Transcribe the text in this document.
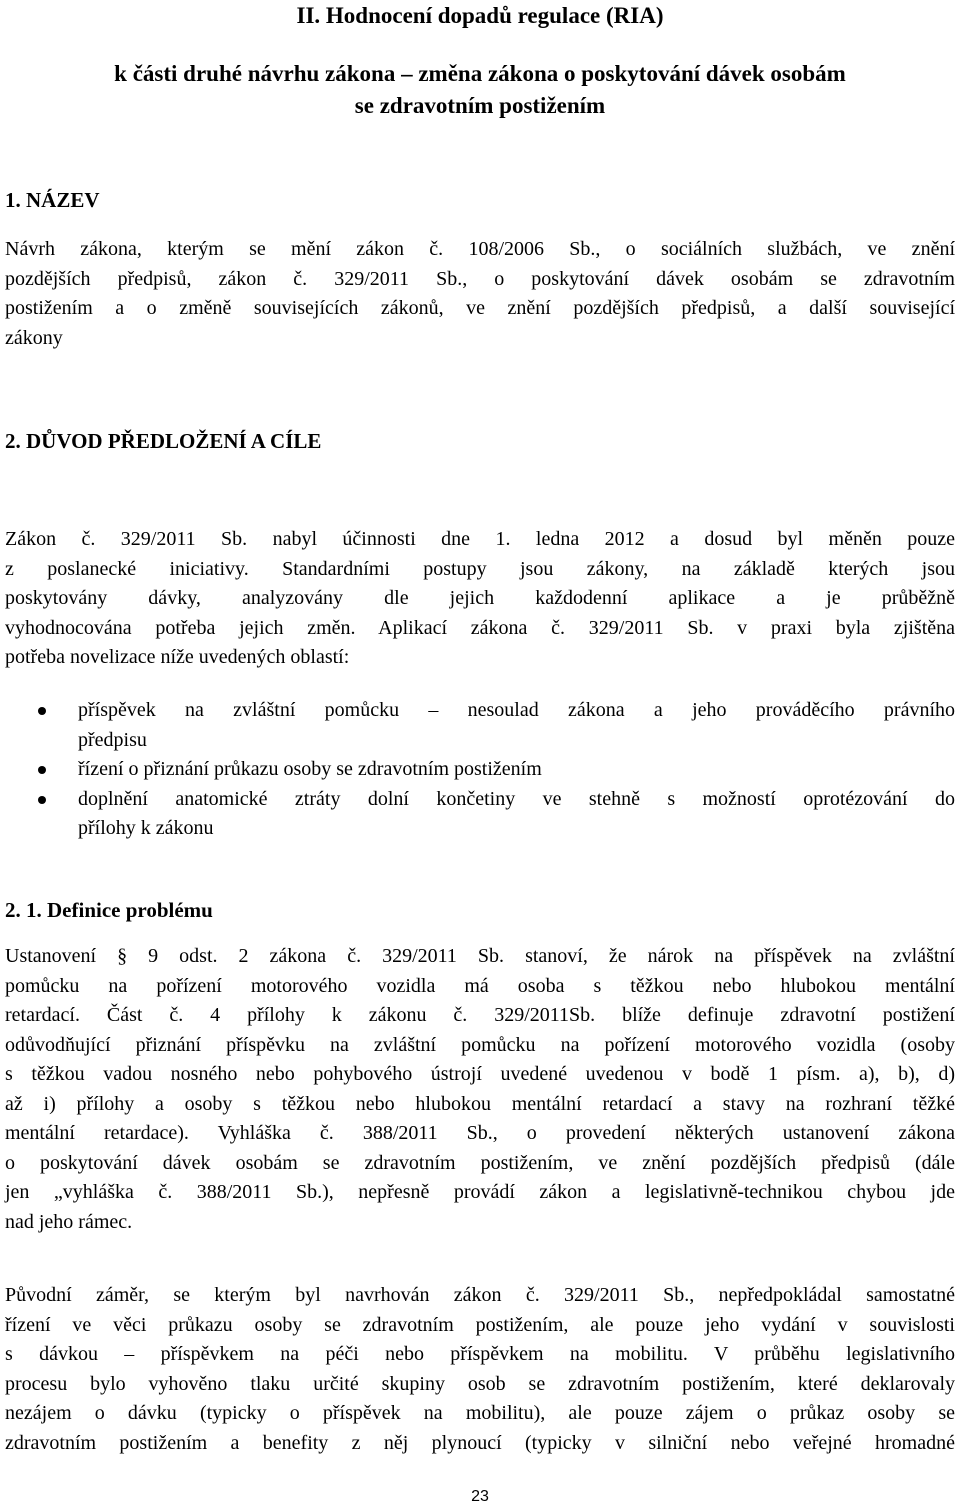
II. Hodnocení dopadů regulace (RIA)
k části druhé návrhu zákona – změna zákona o poskytování dávek osobám
se zdravotním postižením
1. NÁZEV
Návrh zákona, kterým se mění zákon č. 108/2006 Sb., o sociálních službách, ve znění
pozdějších předpisů, zákon č. 329/2011 Sb., o poskytování dávek osobám se zdravotním
postižením a o změně souvisejících zákonů, ve znění pozdějších předpisů, a další související
zákony
2. DŮVOD PŘEDLOŽENÍ A CÍLE
Zákon č. 329/2011 Sb. nabyl účinnosti dne 1. ledna 2012 a dosud byl měněn pouze
z poslanecké iniciativy. Standardními postupy jsou zákony, na základě kterých jsou
poskytovány dávky, analyzovány dle jejich každodenní aplikace a je průběžně
vyhodnocována potřeba jejich změn. Aplikací zákona č. 329/2011 Sb. v praxi byla zjištěna
potřeba novelizace níže uvedených oblastí:
příspěvek na zvláštní pomůcku – nesoulad zákona a jeho prováděcího právního
předpisu
řízení o přiznání průkazu osoby se zdravotním postižením
doplnění anatomické ztráty dolní končetiny ve stehně s možností oprotézování do
přílohy k zákonu
2. 1. Definice problému
Ustanovení § 9 odst. 2 zákona č. 329/2011 Sb. stanoví, že nárok na příspěvek na zvláštní
pomůcku na pořízení motorového vozidla má osoba s těžkou nebo hlubokou mentální
retardací. Část č. 4 přílohy k zákonu č. 329/2011Sb. blíže definuje zdravotní postižení
odůvodňující přiznání příspěvku na zvláštní pomůcku na pořízení motorového vozidla (osoby
s těžkou vadou nosného nebo pohybového ústrojí uvedené uvedenou v bodě 1 písm. a), b), d)
až i) přílohy a osoby s těžkou nebo hlubokou mentální retardací a stavy na rozhraní těžké
mentální retardace). Vyhláška č. 388/2011 Sb., o provedení některých ustanovení zákona
o poskytování dávek osobám se zdravotním postižením, ve znění pozdějších předpisů (dále
jen „vyhláška č. 388/2011 Sb.), nepřesně provádí zákon a legislativně-technikou chybou jde
nad jeho rámec.
Původní záměr, se kterým byl navrhován zákon č. 329/2011 Sb., nepředpokládal samostatné
řízení ve věci průkazu osoby se zdravotním postižením, ale pouze jeho vydání v souvislosti
s dávkou – příspěvkem na péči nebo příspěvkem na mobilitu. V průběhu legislativního
procesu bylo vyhověno tlaku určité skupiny osob se zdravotním postižením, které deklarovaly
nezájem o dávku (typicky o příspěvek na mobilitu), ale pouze zájem o průkaz osoby se
zdravotním postižením a benefity z něj plynoucí (typicky v silniční nebo veřejné hromadné
23
